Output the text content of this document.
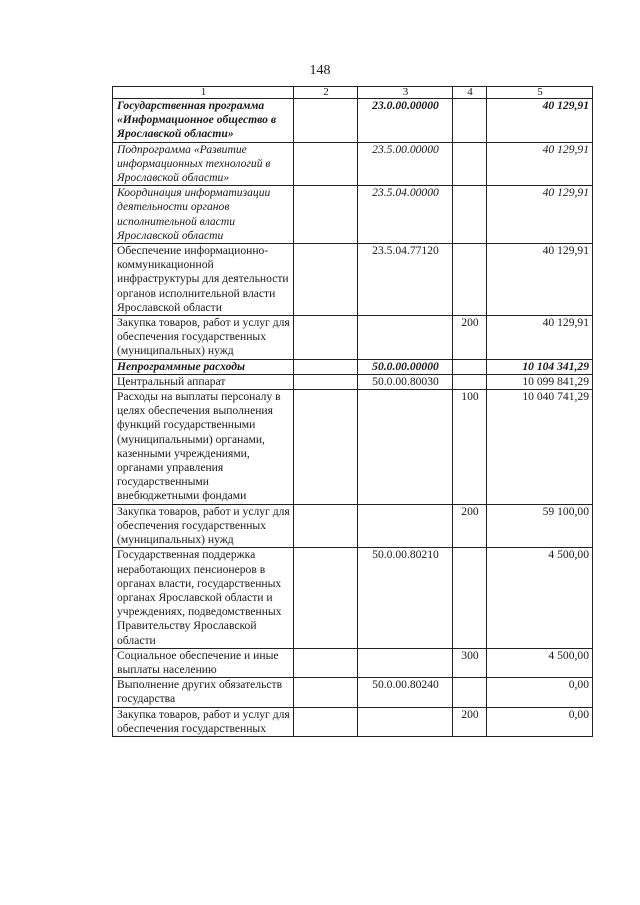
148
1	2	3	4	5
Государственная программа «Информационное общество в Ярославской области»		23.0.00.00000		40 129,91
Подпрограмма «Развитие информационных технологий в Ярославской области»		23.5.00.00000		40 129,91
Координация информатизации деятельности органов исполнительной власти Ярославской области		23.5.04.00000		40 129,91
Обеспечение информационно-коммуникационной инфраструктуры для деятельности органов исполнительной власти Ярославской области		23.5.04.77120		40 129,91
Закупка товаров, работ и услуг для обеспечения государственных (муниципальных) нужд			200	40 129,91
Непрограммные расходы		50.0.00.00000		10 104 341,29
Центральный аппарат		50.0.00.80030		10 099 841,29
Расходы на выплаты персоналу в целях обеспечения выполнения функций государственными (муниципальными) органами, казенными учреждениями, органами управления государственными внебюджетными фондами			100	10 040 741,29
Закупка товаров, работ и услуг для обеспечения государственных (муниципальных) нужд			200	59 100,00
Государственная поддержка неработающих пенсионеров в органах власти, государственных органах Ярославской области и учреждениях, подведомственных Правительству Ярославской области		50.0.00.80210		4 500,00
Социальное обеспечение и иные выплаты населению			300	4 500,00
Выполнение других обязательств государства		50.0.00.80240		0,00
Закупка товаров, работ и услуг для обеспечения государственных			200	0,00
